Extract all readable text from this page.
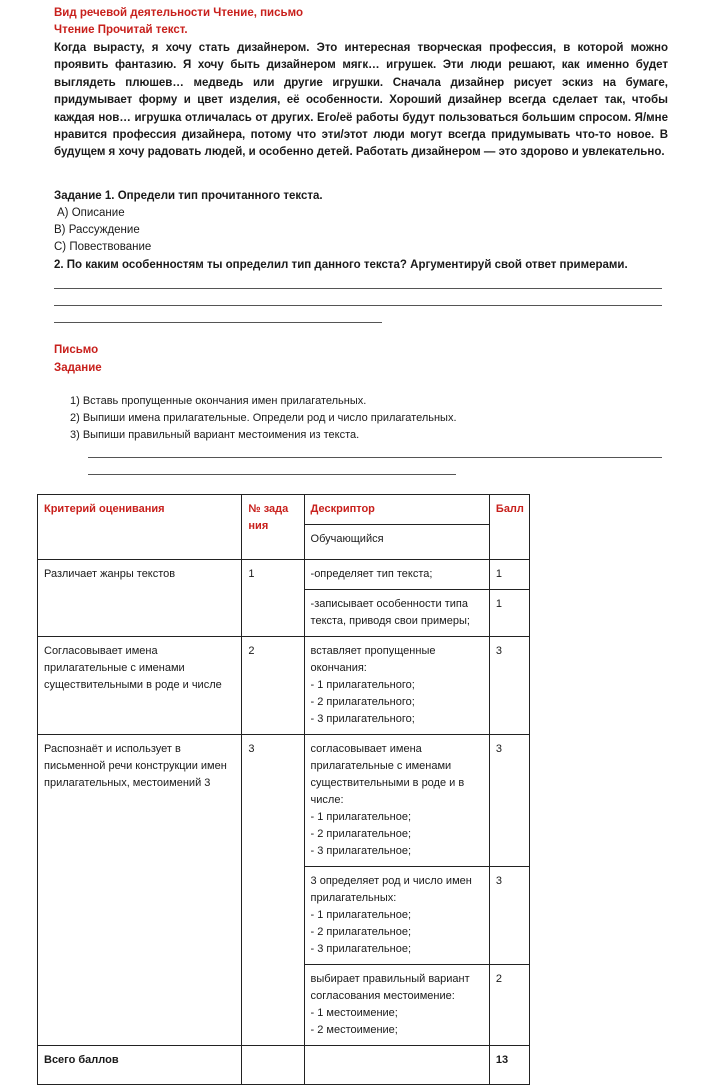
Вид речевой деятельности Чтение, письмо
Чтение Прочитай текст.
Когда вырасту, я хочу стать дизайнером. Это интересная творческая профессия, в которой можно проявить фантазию. Я хочу быть дизайнером мягк… игрушек. Эти люди решают, как именно будет выглядеть плюшев… медведь или другие игрушки. Сначала дизайнер рисует эскиз на бумаге, придумывает форму и цвет изделия, её особенности. Хороший дизайнер всегда сделает так, чтобы каждая нов… игрушка отличалась от других. Его/её работы будут пользоваться большим спросом. Я/мне нравится профессия дизайнера, потому что эти/этот люди могут всегда придумывать что-то новое. В будущем я хочу радовать людей, и особенно детей. Работать дизайнером — это здорово и увлекательно.
Задание 1. Определи тип прочитанного текста.
A) Описание
B) Рассуждение
C) Повествование
2. По каким особенностям ты определил тип данного текста? Аргументируй свой ответ примерами.
Письмо
Задание
1) Вставь пропущенные окончания имен прилагательных.
2) Выпиши имена прилагательные. Определи род и число прилагательных.
3) Выпиши правильный вариант местоимения из текста.
Критерий оценивания	№ зада ния	Дескриптор	Балл
		Обучающийся	
Различает жанры текстов	1	-определяет тип текста;	1
		-записывает особенности типа текста, приводя свои примеры;	1
Согласовывает имена прилагательные с именами существительными в роде и числе	2	вставляет пропущенные окончания:
- 1 прилагательного;
- 2 прилагательного;
- 3 прилагательного;	3
Распознаёт и использует в письменной речи конструкции имен прилагательных, местоимений 3	3	согласовывает имена прилагательные с именами существительными в роде и в числе:
- 1 прилагательное;
- 2 прилагательное;
- 3 прилагательное;	3
		3 определяет род и число имен прилагательных:
- 1 прилагательное;
- 2 прилагательное;
- 3 прилагательное;	3
		выбирает правильный вариант согласования местоимение:
- 1 местоимение;
- 2 местоимение;	2
Всего баллов			13
